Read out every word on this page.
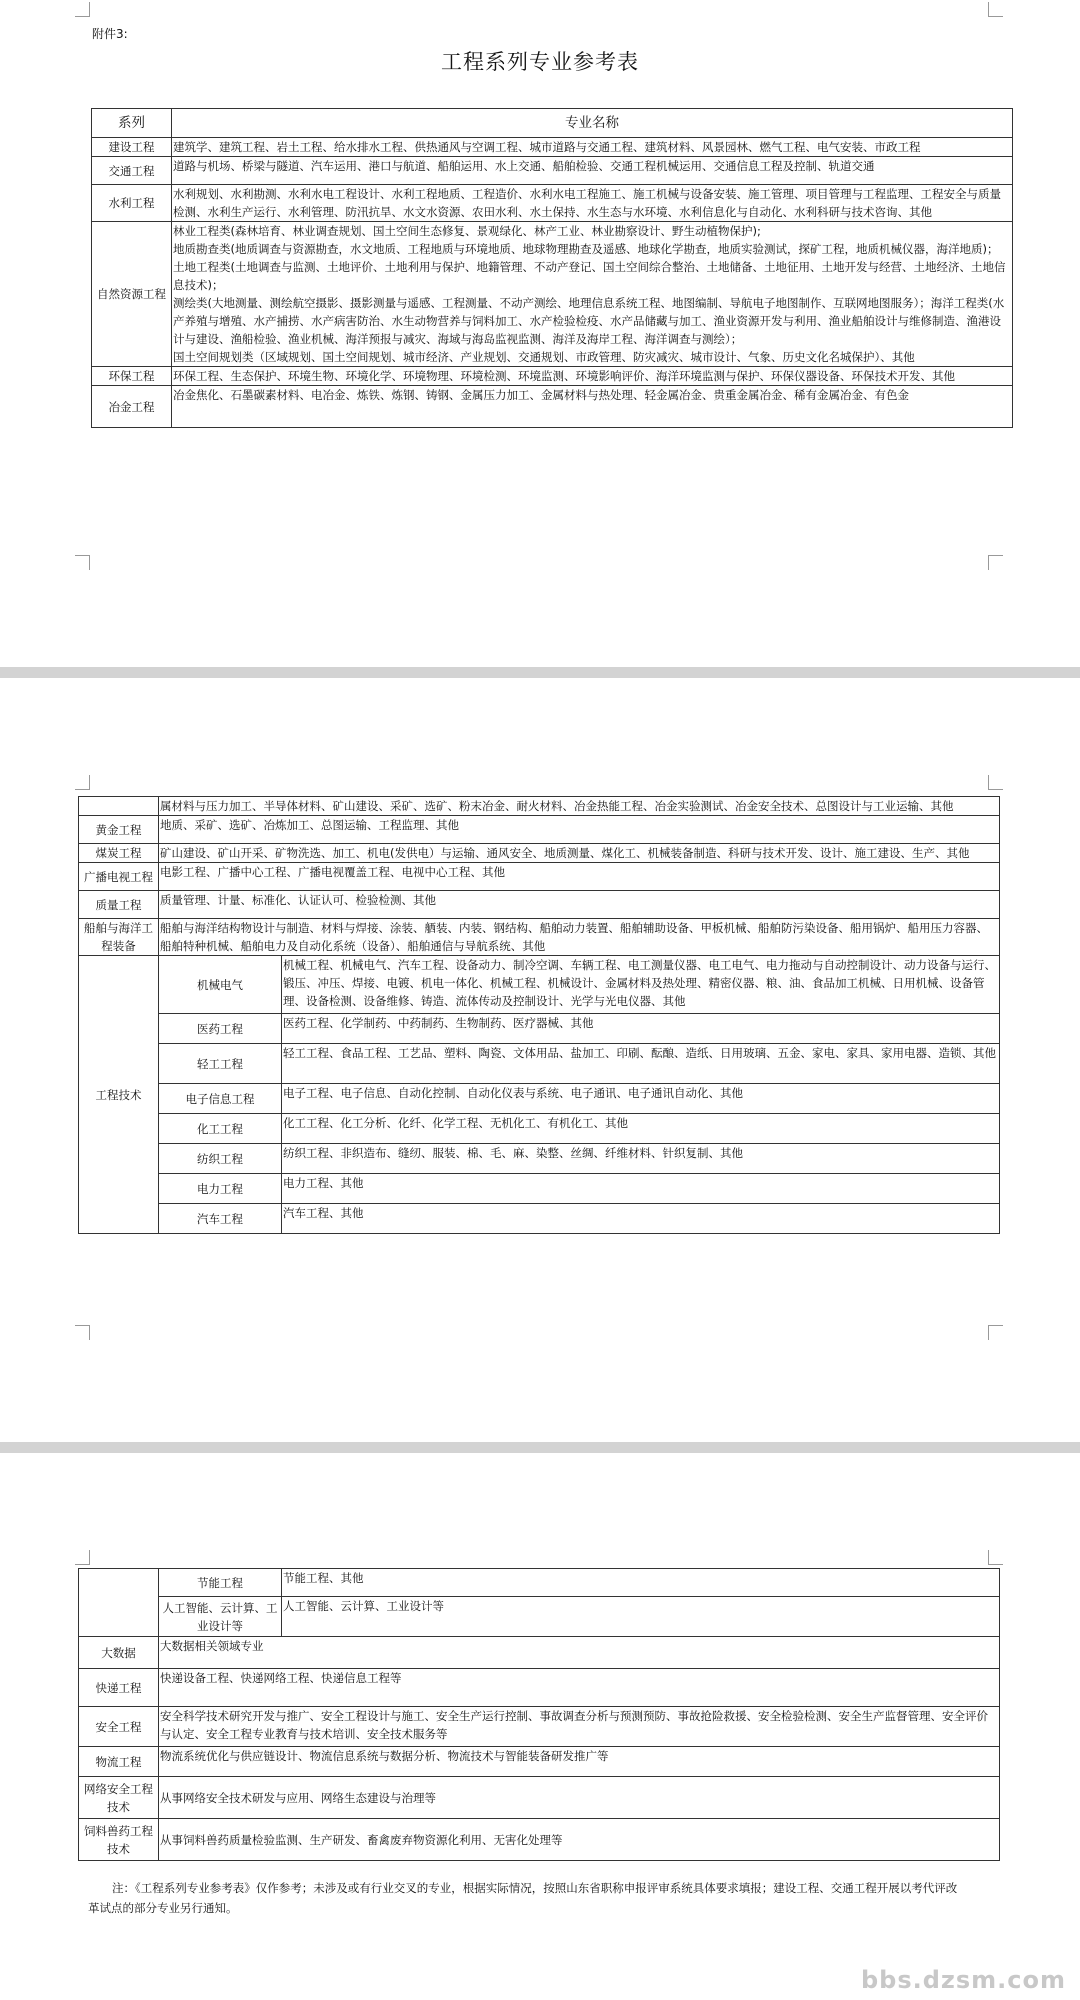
附件3:
工程系列专业参考表
系列	专业名称
建设工程	建筑学、建筑工程、岩土工程、给水排水工程、供热通风与空调工程、城市道路与交通工程、建筑材料、风景园林、燃气工程、电气安装、市政工程
交通工程	道路与机场、桥梁与隧道、汽车运用、港口与航道、船舶运用、水上交通、船舶检验、交通工程机械运用、交通信息工程及控制、轨道交通
水利工程	水利规划、水利勘测、水利水电工程设计、水利工程地质、工程造价、水利水电工程施工、施工机械与设备安装、施工管理、项目管理与工程监理、工程安全与质量检测、水利生产运行、水利管理、防汛抗旱、水文水资源、农田水利、水土保持、水生态与水环境、水利信息化与自动化、水利科研与技术咨询、其他
自然资源工程	林业工程类(森林培育、林业调查规划、国土空间生态修复、景观绿化、林产工业、林业勘察设计、野生动植物保护);
地质勘查类(地质调查与资源勘查，水文地质、工程地质与环境地质、地球物理勘查及遥感、地球化学勘查，地质实验测试，探矿工程，地质机械仪器，海洋地质)；
土地工程类(土地调查与监测、土地评价、土地利用与保护、地籍管理、不动产登记、国土空间综合整治、土地储备、土地征用、土地开发与经营、土地经济、土地信息技术)；
测绘类(大地测量、测绘航空摄影、摄影测量与遥感、工程测量、不动产测绘、地理信息系统工程、地图编制、导航电子地图制作、互联网地图服务）；海洋工程类(水产养殖与增殖、水产捕捞、水产病害防治、水生动物营养与饲料加工、水产检验检疫、水产品储藏与加工、渔业资源开发与利用、渔业船舶设计与维修制造、渔港设计与建设、渔船检验、渔业机械、海洋预报与减灾、海域与海岛监视监测、海洋及海岸工程、海洋调查与测绘）；
国土空间规划类（区域规划、国土空间规划、城市经济、产业规划、交通规划、市政管理、防灾减灾、城市设计、气象、历史文化名城保护）、其他

环保工程	环保工程、生态保护、环境生物、环境化学、环境物理、环境检测、环境监测、环境影响评价、海洋环境监测与保护、环保仪器设备、环保技术开发、其他
冶金工程	冶金焦化、石墨碳素材料、电冶金、炼铁、炼钢、铸钢、金属压力加工、金属材料与热处理、轻金属冶金、贵重金属冶金、稀有金属冶金、有色金
	属材料与压力加工、半导体材料、矿山建设、采矿、选矿、粉末冶金、耐火材料、冶金热能工程、冶金实验测试、冶金安全技术、总图设计与工业运输、其他	
黄金工程	地质、采矿、选矿、冶炼加工、总图运输、工程监理、其他	
煤炭工程	矿山建设、矿山开采、矿物洗选、加工、机电(发供电）与运输、通风安全、地质测量、煤化工、机械装备制造、科研与技术开发、设计、施工建设、生产、其他	
广播电视工程	电影工程、广播中心工程、广播电视覆盖工程、电视中心工程、其他	
质量工程	质量管理、计量、标准化、认证认可、检验检测、其他	
船舶与海洋工程装备	船舶与海洋结构物设计与制造、材料与焊接、涂装、舾装、内装、钢结构、船舶动力装置、船舶辅助设备、甲板机械、船舶防污染设备、船用锅炉、船用压力容器、船舶特种机械、船舶电力及自动化系统（设备）、船舶通信与导航系统、其他	
工程技术	机械电气	机械工程、机械电气、汽车工程、设备动力、制冷空调、车辆工程、电工测量仪器、电工电气、电力拖动与自动控制设计、动力设备与运行、锻压、冲压、焊接、电镀、机电一体化、机械工程、机械设计、金属材料及热处理、精密仪器、粮、油、食品加工机械、日用机械、设备管理、设备检测、设备维修、铸造、流体传动及控制设计、光学与光电仪器、其他
	医药工程	医药工程、化学制药、中药制药、生物制药、医疗器械、其他
	轻工工程	轻工工程、食品工程、工艺品、塑料、陶瓷、文体用品、盐加工、印刷、酝酿、造纸、日用玻璃、五金、家电、家具、家用电器、造锁、其他
	电子信息工程	电子工程、电子信息、自动化控制、自动化仪表与系统、电子通讯、电子通讯自动化、其他
	化工工程	化工工程、化工分析、化纤、化学工程、无机化工、有机化工、其他
	纺织工程	纺织工程、非织造布、缝纫、服装、棉、毛、麻、染整、丝绸、纤维材料、针织复制、其他
	电力工程	电力工程、其他
	汽车工程	汽车工程、其他
	节能工程	节能工程、其他
	人工智能、云计算、工业设计等	人工智能、云计算、工业设计等
大数据	大数据相关领域专业	
快递工程	快递设备工程、快递网络工程、快递信息工程等	
安全工程	安全科学技术研究开发与推广、安全工程设计与施工、安全生产运行控制、事故调查分析与预测预防、事故抢险救援、安全检验检测、安全生产监督管理、安全评价与认定、安全工程专业教育与技术培训、安全技术服务等	
物流工程	物流系统优化与供应链设计、物流信息系统与数据分析、物流技术与智能装备研发推广等	
网络安全工程技术	从事网络安全技术研发与应用、网络生态建设与治理等	
饲料兽药工程技术	从事饲料兽药质量检验监测、生产研发、畜禽废弃物资源化利用、无害化处理等	
注：《工程系列专业参考表》仅作参考；未涉及或有行业交叉的专业，根据实际情况，按照山东省职称申报评审系统具体要求填报；建设工程、交通工程开展以考代评改革试点的部分专业另行通知。
bbs.dzsm.com
